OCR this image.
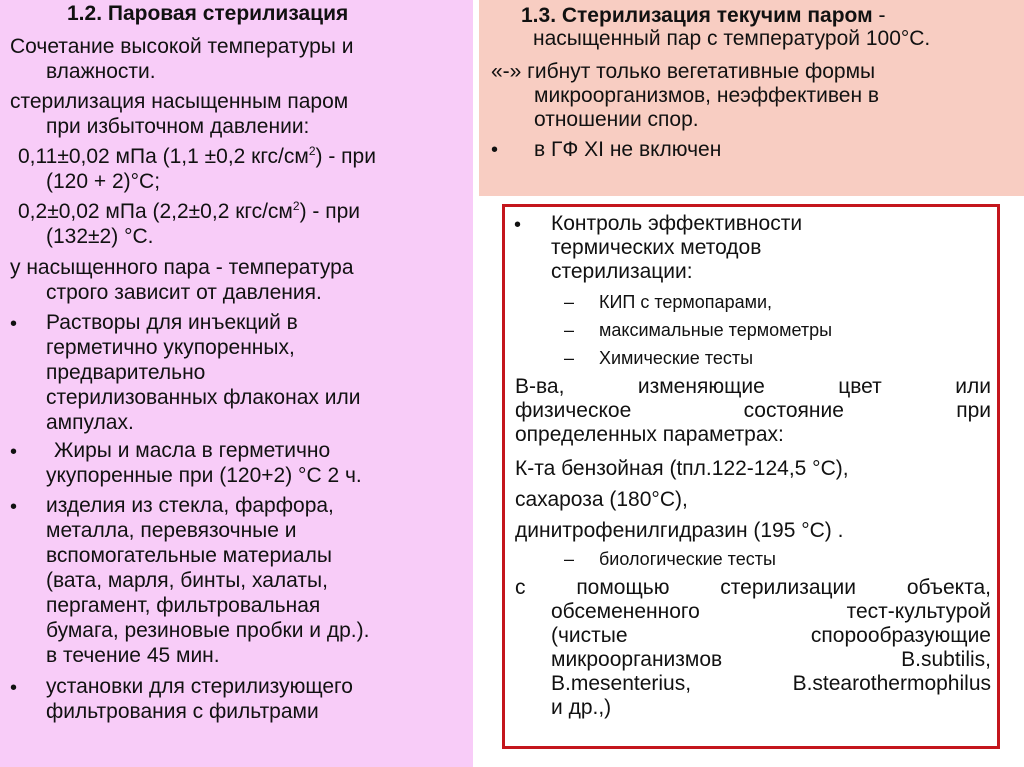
1.2. Паровая стерилизация
Сочетание высокой температуры и
влажности.
стерилизация насыщенным паром
при избыточном давлении:
0,11±0,02 мПа (1,1 ±0,2 кгс/$см^2$) - при
(120 + 2)°С;
0,2±0,02 мПа (2,2±0,2 кгс/$см^2$) - при
(132±2) °С.
у насыщенного пара - температура
строго зависит от давления.
• Растворы для инъекций в
герметично укупоренных,
предварительно
стерилизованных флаконах или
ампулах.
• Жиры и масла в герметично
укупоренные при (120+2) °С 2 ч.
• изделия из стекла, фарфора,
металла, перевязочные и
вспомогательные материалы
(вата, марля, бинты, халаты,
пергамент, фильтровальная
бумага, резиновые пробки и др.).
в течение 45 мин.
• установки для стерилизующего
фильтрования с фильтрами
1.3. Стерилизация текучим паром -
насыщенный пар с температурой 100°С.
«-» гибнут только вегетативные формы
микроорганизмов, неэффективен в
отношении спор.
• в ГФ XI не включен
• Контроль эффективности
термических методов
стерилизации:
– КИП с термопарами,
– максимальные термометры
– Химические тесты
В-ва,	изменяющие	цвет	или
физическое	состояние	при
определенных параметрах:
К-та бензойная (tпл.122-124,5 °С),
сахароза (180°С),
динитрофенилгидразин (195 °С) .
– биологические тесты
с помощью стерилизации объекта,
обсемененного	тест-культурой
(чистые	спорообразующие
микроорганизмов	B.subtilis,
B.mesenterius,	B.stearothermophilus
и др.,)
